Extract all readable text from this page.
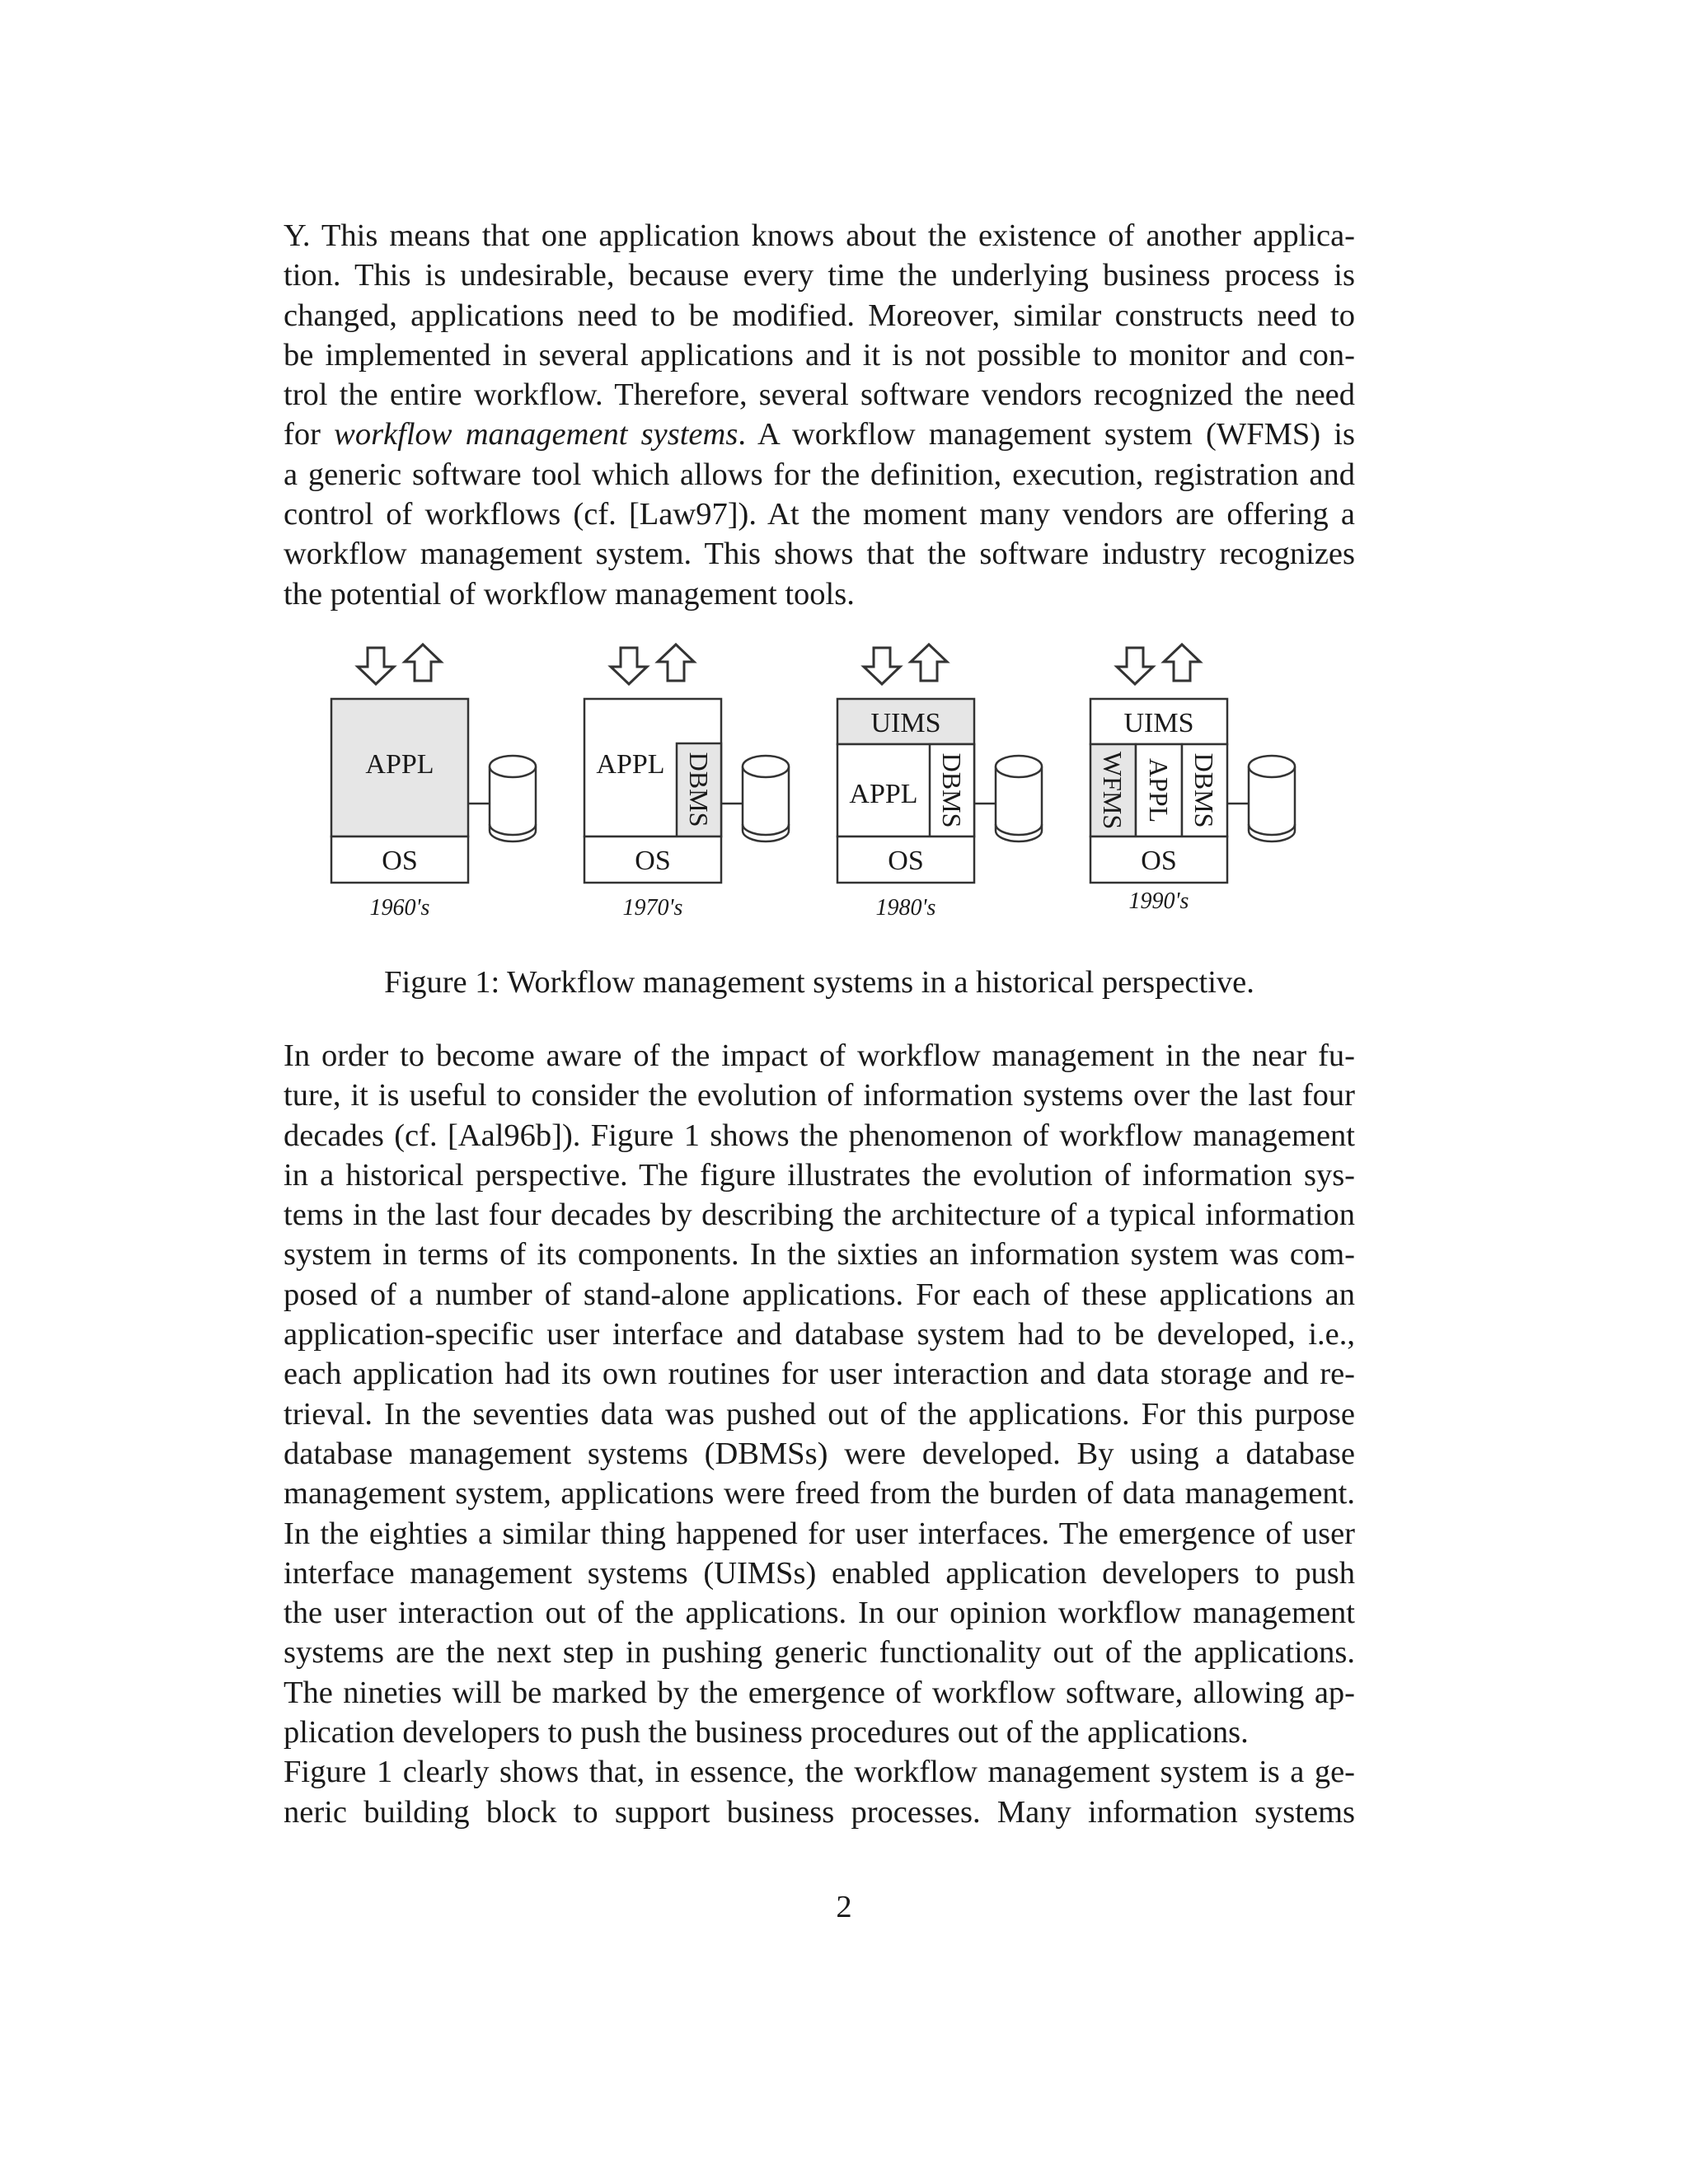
Y. This means that one application knows about the existence of another applica-
tion. This is undesirable, because every time the underlying business process is
changed, applications need to be modified. Moreover, similar constructs need to
be implemented in several applications and it is not possible to monitor and con-
trol the entire workflow. Therefore, several software vendors recognized the need
for workflow management systems. A workflow management system (WFMS) is
a generic software tool which allows for the definition, execution, registration and
control of workflows (cf. [Law97]). At the moment many vendors are offering a
workflow management system. This shows that the software industry recognizes
the potential of workflow management tools.
APPL
OS
1960's
APPL DBMS
OS
1970's
UIMS
APPL DBMS
OS
1980's
UIMS
WFMS APPL DBMS
OS
1990's
Figure 1: Workflow management systems in a historical perspective.
In order to become aware of the impact of workflow management in the near fu-
ture, it is useful to consider the evolution of information systems over the last four
decades (cf. [Aal96b]). Figure 1 shows the phenomenon of workflow management
in a historical perspective. The figure illustrates the evolution of information sys-
tems in the last four decades by describing the architecture of a typical information
system in terms of its components. In the sixties an information system was com-
posed of a number of stand-alone applications. For each of these applications an
application-specific user interface and database system had to be developed, i.e.,
each application had its own routines for user interaction and data storage and re-
trieval. In the seventies data was pushed out of the applications. For this purpose
database management systems (DBMSs) were developed. By using a database
management system, applications were freed from the burden of data management.
In the eighties a similar thing happened for user interfaces. The emergence of user
interface management systems (UIMSs) enabled application developers to push
the user interaction out of the applications. In our opinion workflow management
systems are the next step in pushing generic functionality out of the applications.
The nineties will be marked by the emergence of workflow software, allowing ap-
plication developers to push the business procedures out of the applications.
Figure 1 clearly shows that, in essence, the workflow management system is a ge-
neric building block to support business processes. Many information systems
2
